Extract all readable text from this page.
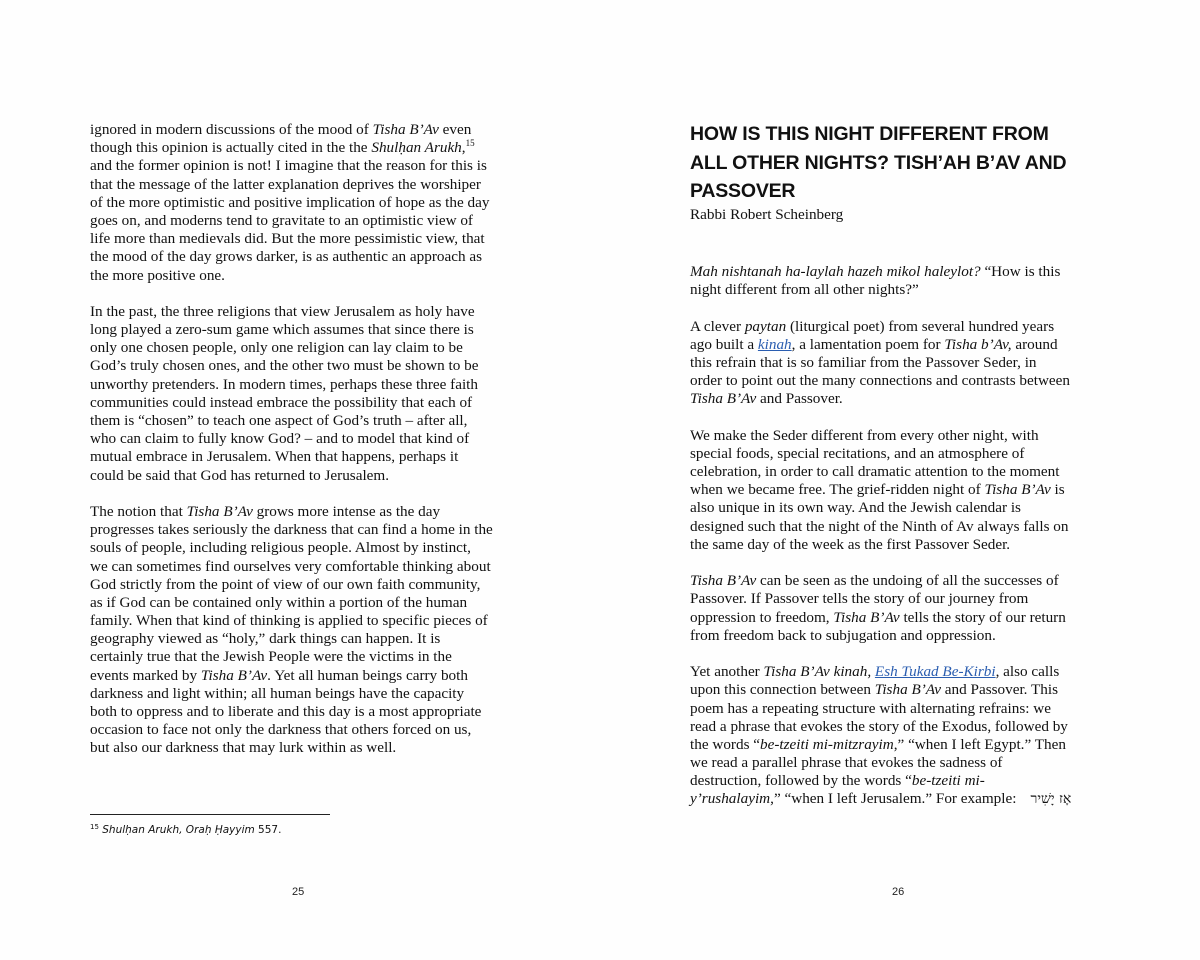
ignored in modern discussions of the mood of Tisha B’Av even
though this opinion is actually cited in the the Shulḥan Arukh,$^{15}$
and the former opinion is not! I imagine that the reason for this is
that the message of the latter explanation deprives the worshiper
of the more optimistic and positive implication of hope as the day
goes on, and moderns tend to gravitate to an optimistic view of
life more than medievals did. But the more pessimistic view, that
the mood of the day grows darker, is as authentic an approach as
the more positive one.
In the past, the three religions that view Jerusalem as holy have
long played a zero-sum game which assumes that since there is
only one chosen people, only one religion can lay claim to be
God’s truly chosen ones, and the other two must be shown to be
unworthy pretenders. In modern times, perhaps these three faith
communities could instead embrace the possibility that each of
them is “chosen” to teach one aspect of God’s truth – after all,
who can claim to fully know God? – and to model that kind of
mutual embrace in Jerusalem. When that happens, perhaps it
could be said that God has returned to Jerusalem.
The notion that Tisha B’Av grows more intense as the day
progresses takes seriously the darkness that can find a home in the
souls of people, including religious people. Almost by instinct,
we can sometimes find ourselves very comfortable thinking about
God strictly from the point of view of our own faith community,
as if God can be contained only within a portion of the human
family. When that kind of thinking is applied to specific pieces of
geography viewed as “holy,” dark things can happen. It is
certainly true that the Jewish People were the victims in the
events marked by Tisha B’Av. Yet all human beings carry both
darkness and light within; all human beings have the capacity
both to oppress and to liberate and this day is a most appropriate
occasion to face not only the darkness that others forced on us,
but also our darkness that may lurk within as well.
$^{15}$ Shulḥan Arukh, Oraḥ Ḥayyim 557.
25
HOW IS THIS NIGHT DIFFERENT FROM
ALL OTHER NIGHTS? TISH’AH B’AV AND
PASSOVER
Rabbi Robert Scheinberg
Mah nishtanah ha-laylah hazeh mikol haleylot? “How is this
night different from all other nights?”
A clever paytan (liturgical poet) from several hundred years
ago built a kinah, a lamentation poem for Tisha b’Av, around
this refrain that is so familiar from the Passover Seder, in
order to point out the many connections and contrasts between
Tisha B’Av and Passover.
We make the Seder different from every other night, with
special foods, special recitations, and an atmosphere of
celebration, in order to call dramatic attention to the moment
when we became free. The grief-ridden night of Tisha B’Av is
also unique in its own way. And the Jewish calendar is
designed such that the night of the Ninth of Av always falls on
the same day of the week as the first Passover Seder.
Tisha B’Av can be seen as the undoing of all the successes of
Passover. If Passover tells the story of our journey from
oppression to freedom, Tisha B’Av tells the story of our return
from freedom back to subjugation and oppression.
Yet another Tisha B’Av kinah, Esh Tukad Be-Kirbi, also calls
upon this connection between Tisha B’Av and Passover. This
poem has a repeating structure with alternating refrains: we
read a phrase that evokes the story of the Exodus, followed by
the words “be-tzeiti mi-mitzrayim,” “when I left Egypt.” Then
we read a parallel phrase that evokes the sadness of
destruction, followed by the words “be-tzeiti mi-
y’rushalayim,” “when I left Jerusalem.” For example: אָז יָשִׁיר
26
